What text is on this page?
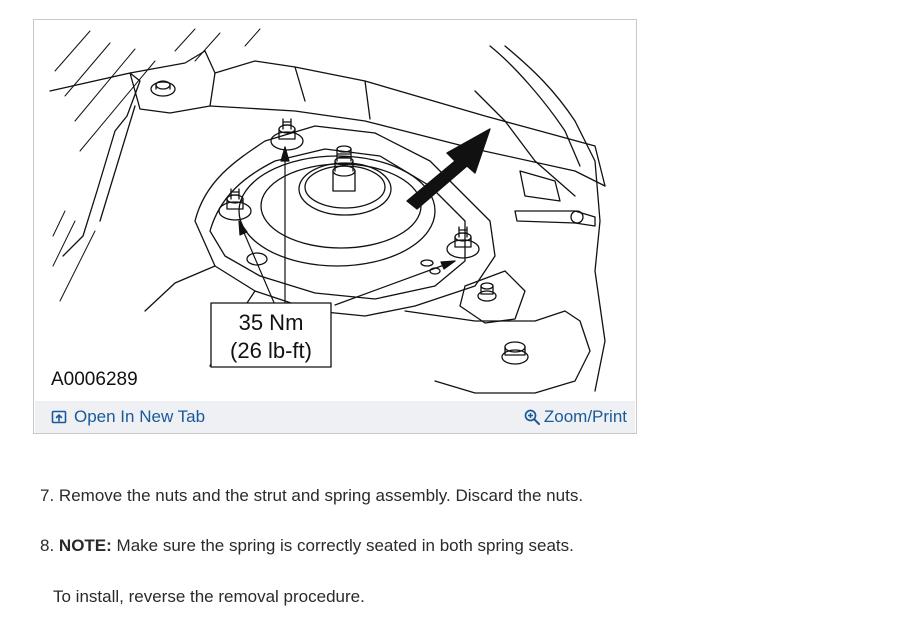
35 Nm
(26 lb-ft)
A0006289
Open In New Tab	Zoom/Print
7. Remove the nuts and the strut and spring assembly. Discard the nuts.
8. NOTE: Make sure the spring is correctly seated in both spring seats.
To install, reverse the removal procedure.
